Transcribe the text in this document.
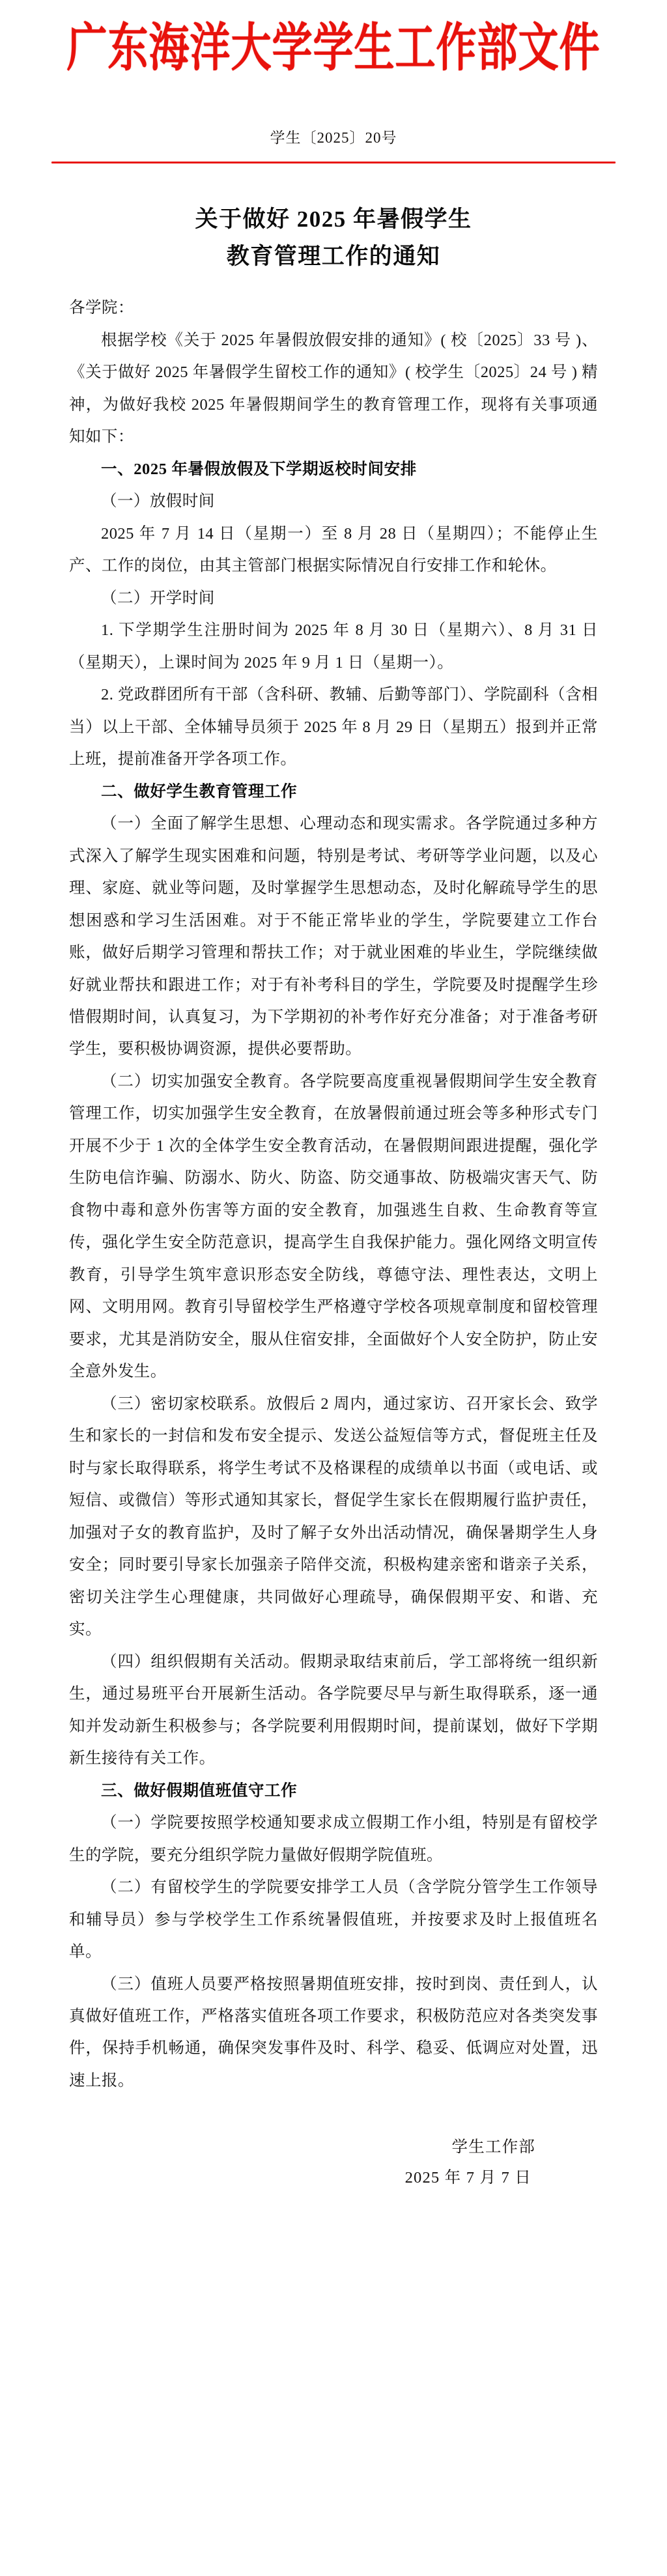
广东海洋大学学生工作部文件
学生〔2025〕20号
关于做好 2025 年暑假学生
教育管理工作的通知

各学院：

根据学校《关于 2025 年暑假放假安排的通知》( 校〔2025〕33 号 )、《关于做好 2025 年暑假学生留校工作的通知》( 校学生〔2025〕24 号 ) 精神，为做好我校 2025 年暑假期间学生的教育管理工作，现将有关事项通知如下：

一、2025 年暑假放假及下学期返校时间安排

（一）放假时间

2025 年 7 月 14 日（星期一）至 8 月 28 日（星期四）；不能停止生产、工作的岗位，由其主管部门根据实际情况自行安排工作和轮休。

（二）开学时间

1. 下学期学生注册时间为 2025 年 8 月 30 日（星期六）、8 月 31 日（星期天），上课时间为 2025 年 9 月 1 日（星期一）。

2. 党政群团所有干部（含科研、教辅、后勤等部门）、学院副科（含相当）以上干部、全体辅导员须于 2025 年 8 月 29 日（星期五）报到并正常上班，提前准备开学各项工作。

二、做好学生教育管理工作

（一）全面了解学生思想、心理动态和现实需求。各学院通过多种方式深入了解学生现实困难和问题，特别是考试、考研等学业问题，以及心理、家庭、就业等问题，及时掌握学生思想动态，及时化解疏导学生的思想困惑和学习生活困难。对于不能正常毕业的学生，学院要建立工作台账，做好后期学习管理和帮扶工作；对于就业困难的毕业生，学院继续做好就业帮扶和跟进工作；对于有补考科目的学生，学院要及时提醒学生珍惜假期时间，认真复习，为下学期初的补考作好充分准备；对于准备考研学生，要积极协调资源，提供必要帮助。

（二）切实加强安全教育。各学院要高度重视暑假期间学生安全教育管理工作，切实加强学生安全教育，在放暑假前通过班会等多种形式专门开展不少于 1 次的全体学生安全教育活动，在暑假期间跟进提醒，强化学生防电信诈骗、防溺水、防火、防盗、防交通事故、防极端灾害天气、防食物中毒和意外伤害等方面的安全教育，加强逃生自救、生命教育等宣传，强化学生安全防范意识，提高学生自我保护能力。强化网络文明宣传教育，引导学生筑牢意识形态安全防线，尊德守法、理性表达，文明上网、文明用网。教育引导留校学生严格遵守学校各项规章制度和留校管理要求，尤其是消防安全，服从住宿安排，全面做好个人安全防护，防止安全意外发生。

（三）密切家校联系。放假后 2 周内，通过家访、召开家长会、致学生和家长的一封信和发布安全提示、发送公益短信等方式，督促班主任及时与家长取得联系，将学生考试不及格课程的成绩单以书面（或电话、或短信、或微信）等形式通知其家长，督促学生家长在假期履行监护责任，加强对子女的教育监护，及时了解子女外出活动情况，确保暑期学生人身安全；同时要引导家长加强亲子陪伴交流，积极构建亲密和谐亲子关系，密切关注学生心理健康，共同做好心理疏导，确保假期平安、和谐、充实。

（四）组织假期有关活动。假期录取结束前后，学工部将统一组织新生，通过易班平台开展新生活动。各学院要尽早与新生取得联系，逐一通知并发动新生积极参与；各学院要利用假期时间，提前谋划，做好下学期新生接待有关工作。

三、做好假期值班值守工作

（一）学院要按照学校通知要求成立假期工作小组，特别是有留校学生的学院，要充分组织学院力量做好假期学院值班。

（二）有留校学生的学院要安排学工人员（含学院分管学生工作领导和辅导员）参与学校学生工作系统暑假值班，并按要求及时上报值班名单。

（三）值班人员要严格按照暑期值班安排，按时到岗、责任到人，认真做好值班工作，严格落实值班各项工作要求，积极防范应对各类突发事件，保持手机畅通，确保突发事件及时、科学、稳妥、低调应对处置，迅速上报。

学生工作部
2025 年 7 月 7 日
